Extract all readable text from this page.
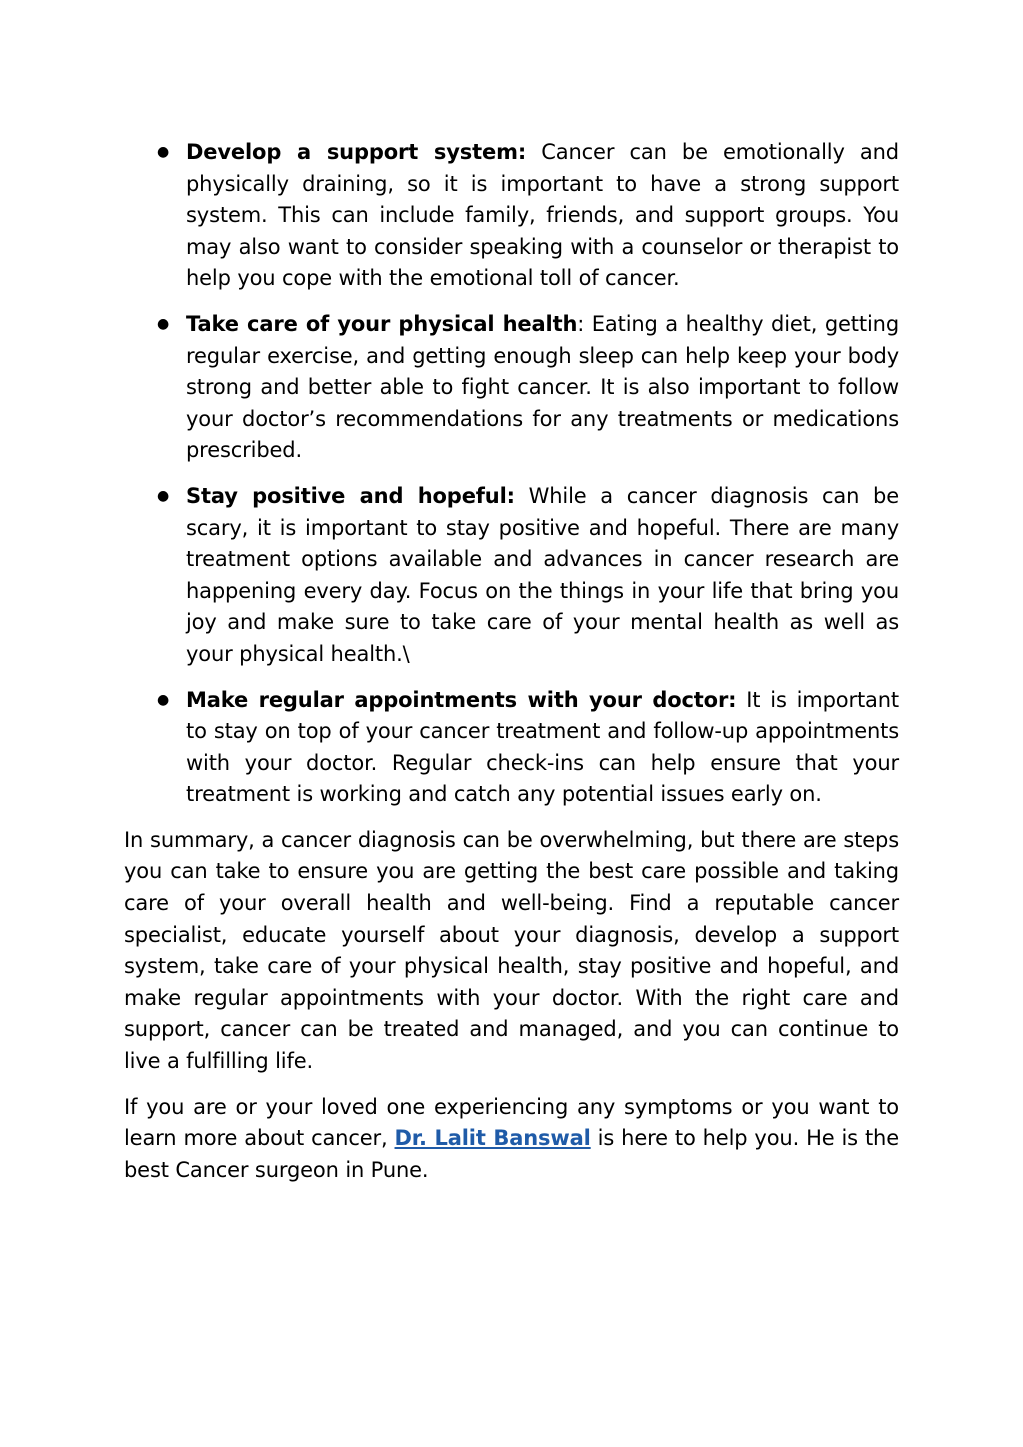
● Develop a support system: Cancer can be emotionally and physically draining, so it is important to have a strong support system. This can include family, friends, and support groups. You may also want to consider speaking with a counselor or therapist to help you cope with the emotional toll of cancer.
● Take care of your physical health: Eating a healthy diet, getting regular exercise, and getting enough sleep can help keep your body strong and better able to fight cancer. It is also important to follow your doctor’s recommendations for any treatments or medications prescribed.
● Stay positive and hopeful: While a cancer diagnosis can be scary, it is important to stay positive and hopeful. There are many treatment options available and advances in cancer research are happening every day. Focus on the things in your life that bring you joy and make sure to take care of your mental health as well as your physical health.\
● Make regular appointments with your doctor: It is important to stay on top of your cancer treatment and follow-up appointments with your doctor. Regular check-ins can help ensure that your treatment is working and catch any potential issues early on.

In summary, a cancer diagnosis can be overwhelming, but there are steps you can take to ensure you are getting the best care possible and taking care of your overall health and well-being. Find a reputable cancer specialist, educate yourself about your diagnosis, develop a support system, take care of your physical health, stay positive and hopeful, and make regular appointments with your doctor. With the right care and support, cancer can be treated and managed, and you can continue to live a fulfilling life.

If you are or your loved one experiencing any symptoms or you want to learn more about cancer, Dr. Lalit Banswal is here to help you. He is the best Cancer surgeon in Pune.
